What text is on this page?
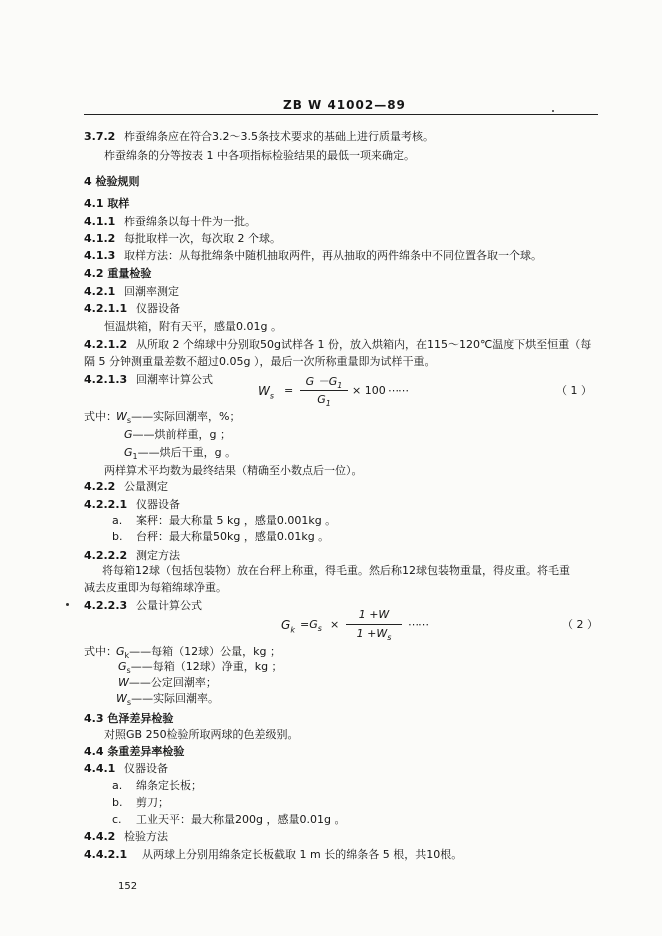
ZB W 41002—89
3.7.2 柞蚕绵条应在符合3.2～3.5条技术要求的基础上进行质量考核。
柞蚕绵条的分等按表 1 中各项指标检验结果的最低一项来确定。
4 检验规则
4.1 取样
4.1.1 柞蚕绵条以每十件为一批。
4.1.2 每批取样一次，每次取 2 个球。
4.1.3 取样方法：从每批绵条中随机抽取两件，再从抽取的两件绵条中不同位置各取一个球。
4.2 重量检验
4.2.1 回潮率测定
4.2.1.1 仪器设备
恒温烘箱，附有天平，感量0.01g 。
4.2.1.2 从所取 2 个绵球中分别取50g试样各 1 份，放入烘箱内，在115～120℃温度下烘至恒重（每
隔 5 分钟测重量差数不超过0.05g ），最后一次所称重量即为试样干重。
4.2.1.3 回潮率计算公式
$W_s$ =
$G -G_1$
$G_1$
× 100 ⋯⋯	（ 1 ）
式中： $W_s——$实际回潮率，%；
G——烘前样重，g ；
$G_1——$烘后干重，g 。
两样算术平均数为最终结果（精确至小数点后一位）。
4.2.2 公量测定
4.2.2.1 仪器设备
a. 案秤：最大称量 5 kg ，感量0.001kg 。
b. 台秤：最大称量50kg ，感量0.01kg 。
4.2.2.2 测定方法
将每箱12球（包括包装物）放在台秤上称重，得毛重。然后称12球包装物重量，得皮重。将毛重
减去皮重即为每箱绵球净重。
4.2.2.3 公量计算公式
$G_k =G_s$ ×
1 +W
$1 +W_s$
⋯⋯	（ 2 ）
式中： $G_k——$每箱（12球）公量，kg ；
$G_s——$每箱（12球）净重，kg ；
W——公定回潮率；
$W_s——$实际回潮率。
4.3 色泽差异检验
对照GB 250检验所取两球的色差级别。
4.4 条重差异率检验
4.4.1 仪器设备
a. 绵条定长板；
b. 剪刀；
c. 工业天平：最大称量200g ，感量0.01g 。
4.4.2 检验方法
4.4.2.1 从两球上分别用绵条定长板截取 1 m 长的绵条各 5 根，共10根。
152
